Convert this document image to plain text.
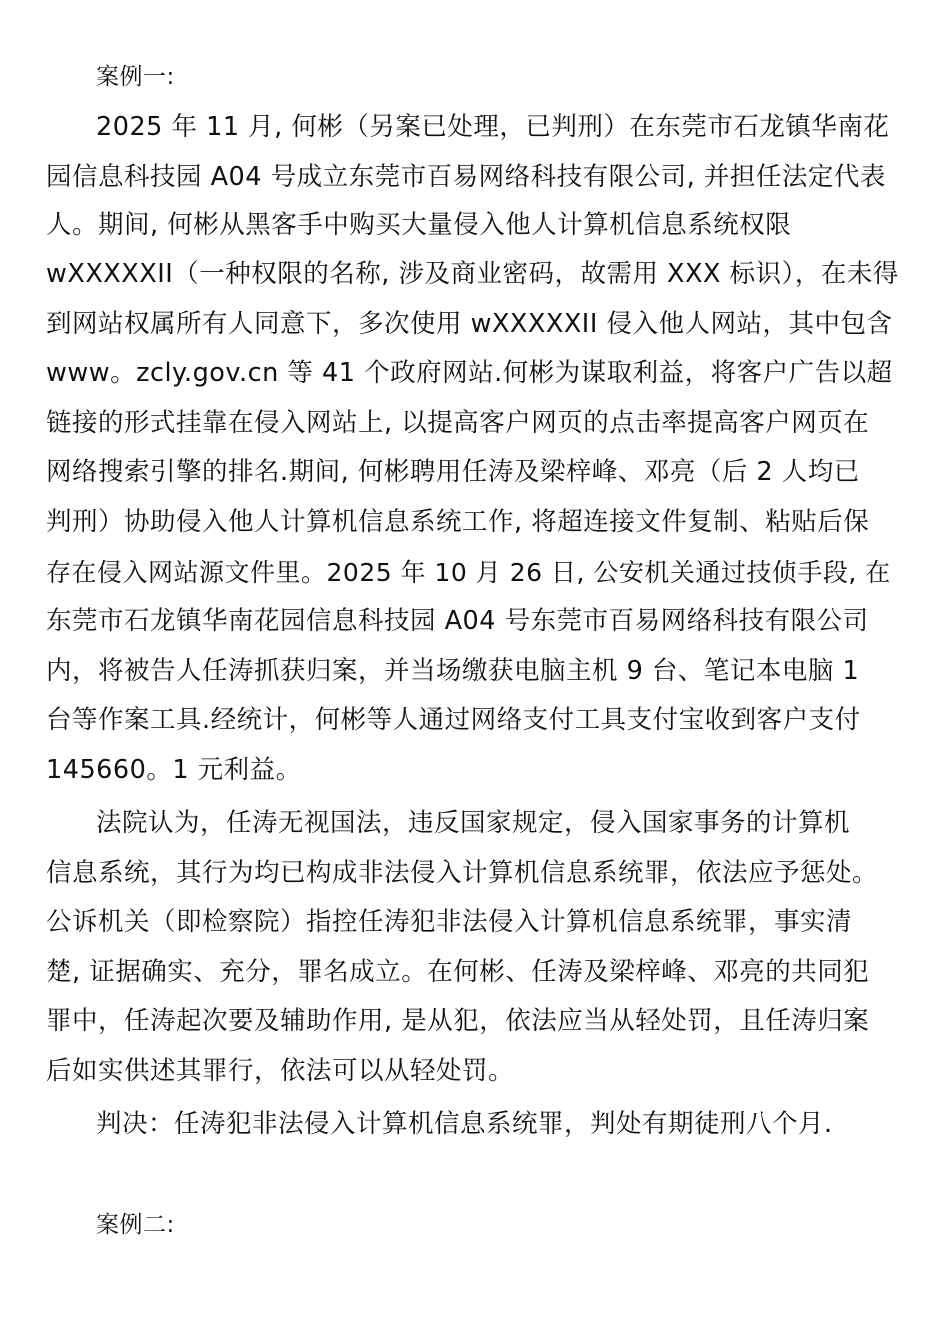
案例一:
2025 年 11 月, 何彬（另案已处理，已判刑）在东莞市石龙镇华南花
园信息科技园 A04 号成立东莞市百易网络科技有限公司, 并担任法定代表
人。期间, 何彬从黑客手中购买大量侵入他人计算机信息系统权限
wXXXXXII（一种权限的名称, 涉及商业密码，故需用 XXX 标识），在未得
到网站权属所有人同意下，多次使用 wXXXXXII 侵入他人网站，其中包含
www。zcly.gov.cn 等 41 个政府网站.何彬为谋取利益，将客户广告以超
链接的形式挂靠在侵入网站上, 以提高客户网页的点击率提高客户网页在
网络搜索引擎的排名.期间, 何彬聘用任涛及梁梓峰、邓亮（后 2 人均已
判刑）协助侵入他人计算机信息系统工作, 将超连接文件复制、粘贴后保
存在侵入网站源文件里。2025 年 10 月 26 日, 公安机关通过技侦手段, 在
东莞市石龙镇华南花园信息科技园 A04 号东莞市百易网络科技有限公司
内，将被告人任涛抓获归案，并当场缴获电脑主机 9 台、笔记本电脑 1
台等作案工具.经统计，何彬等人通过网络支付工具支付宝收到客户支付
145660。1 元利益。
法院认为，任涛无视国法，违反国家规定，侵入国家事务的计算机
信息系统，其行为均已构成非法侵入计算机信息系统罪，依法应予惩处。
公诉机关（即检察院）指控任涛犯非法侵入计算机信息系统罪，事实清
楚, 证据确实、充分，罪名成立。在何彬、任涛及梁梓峰、邓亮的共同犯
罪中，任涛起次要及辅助作用, 是从犯，依法应当从轻处罚，且任涛归案
后如实供述其罪行，依法可以从轻处罚。
判决：任涛犯非法侵入计算机信息系统罪，判处有期徒刑八个月.
案例二:
